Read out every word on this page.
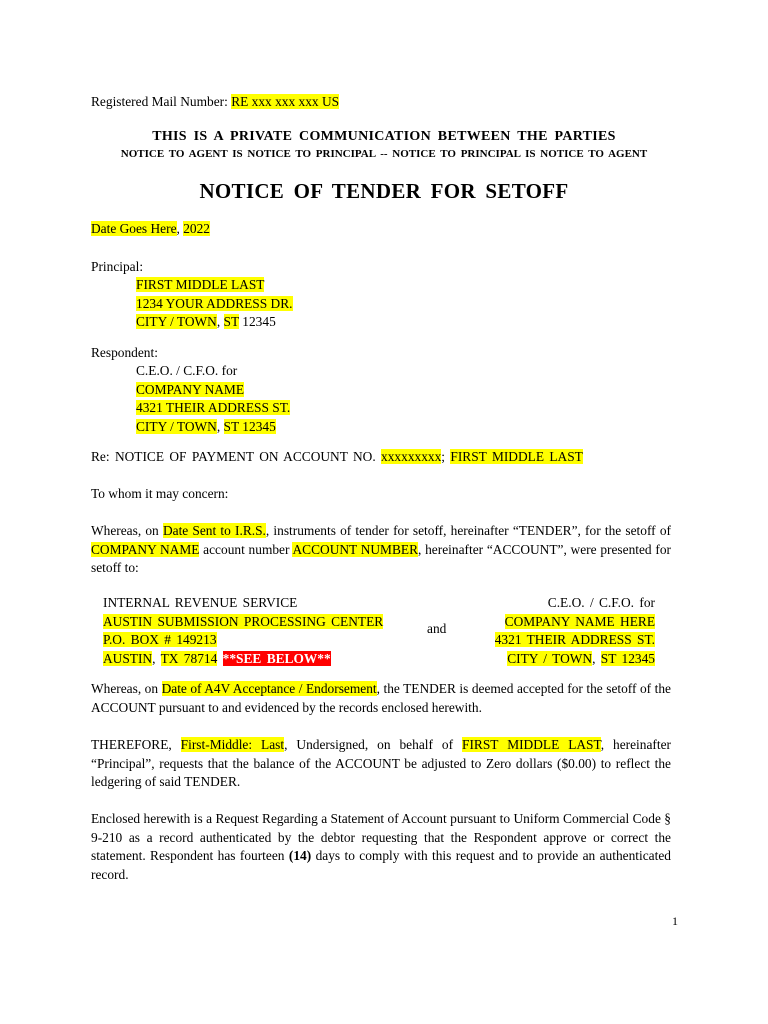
Registered Mail Number: RE xxx xxx xxx US
THIS IS A PRIVATE COMMUNICATION BETWEEN THE PARTIES
NOTICE TO AGENT IS NOTICE TO PRINCIPAL -- NOTICE TO PRINCIPAL IS NOTICE TO AGENT
NOTICE OF TENDER FOR SETOFF
Date Goes Here, 2022
Principal:
FIRST MIDDLE LAST
1234 YOUR ADDRESS DR.
CITY / TOWN, ST 12345
Respondent:
C.E.O. / C.F.O. for
COMPANY NAME
4321 THEIR ADDRESS ST.
CITY / TOWN, ST 12345
Re: NOTICE OF PAYMENT ON ACCOUNT NO. xxxxxxxxx; FIRST MIDDLE LAST
To whom it may concern:
Whereas, on Date Sent to I.R.S., instruments of tender for setoff, hereinafter “TENDER”, for the setoff of COMPANY NAME account number ACCOUNT NUMBER, hereinafter “ACCOUNT”, were presented for setoff to:
INTERNAL REVENUE SERVICE
AUSTIN SUBMISSION PROCESSING CENTER
P.O. BOX # 149213
AUSTIN, TX 78714 **SEE BELOW**
and
C.E.O. / C.F.O. for
COMPANY NAME HERE
4321 THEIR ADDRESS ST.
CITY / TOWN, ST 12345
Whereas, on Date of A4V Acceptance / Endorsement, the TENDER is deemed accepted for the setoff of the ACCOUNT pursuant to and evidenced by the records enclosed herewith.
THEREFORE, First-Middle: Last, Undersigned, on behalf of FIRST MIDDLE LAST, hereinafter “Principal”, requests that the balance of the ACCOUNT be adjusted to Zero dollars ($0.00) to reflect the ledgering of said TENDER.
Enclosed herewith is a Request Regarding a Statement of Account pursuant to Uniform Commercial Code § 9-210 as a record authenticated by the debtor requesting that the Respondent approve or correct the statement. Respondent has fourteen (14) days to comply with this request and to provide an authenticated record.
1
